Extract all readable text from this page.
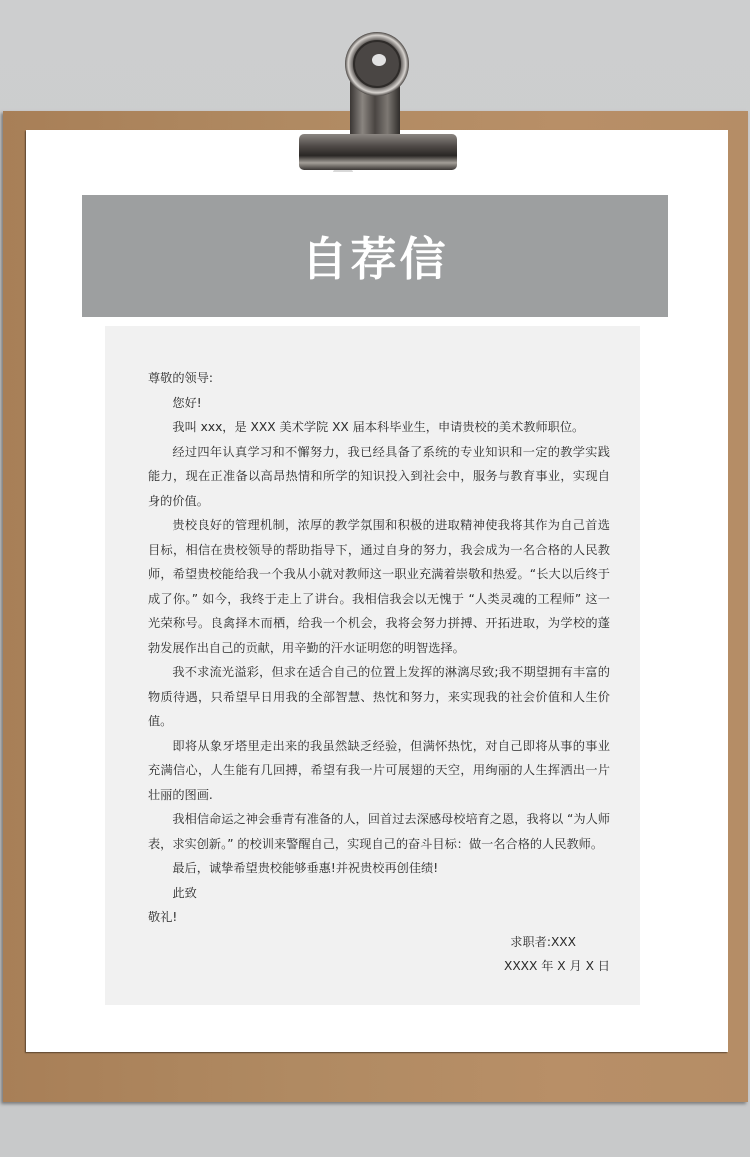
自荐信

尊敬的领导:

您好!

我叫 xxx，是 XXX 美术学院 XX 届本科毕业生，申请贵校的美术教师职位。

经过四年认真学习和不懈努力，我已经具备了系统的专业知识和一定的教学实践能力，现在正准备以高昂热情和所学的知识投入到社会中，服务与教育事业，实现自身的价值。

贵校良好的管理机制，浓厚的教学氛围和积极的进取精神使我将其作为自己首选目标，相信在贵校领导的帮助指导下，通过自身的努力，我会成为一名合格的人民教师，希望贵校能给我一个我从小就对教师这一职业充满着崇敬和热爱。“长大以后终于成了你。” 如今，我终于走上了讲台。我相信我会以无愧于 “人类灵魂的工程师” 这一光荣称号。良禽择木而栖，给我一个机会，我将会努力拼搏、开拓进取，为学校的蓬勃发展作出自己的贡献，用辛勤的汗水证明您的明智选择。

我不求流光溢彩，但求在适合自己的位置上发挥的淋漓尽致;我不期望拥有丰富的物质待遇，只希望早日用我的全部智慧、热忱和努力，来实现我的社会价值和人生价值。

即将从象牙塔里走出来的我虽然缺乏经验，但满怀热忱，对自己即将从事的事业充满信心，人生能有几回搏，希望有我一片可展翅的天空，用绚丽的人生挥洒出一片壮丽的图画.

我相信命运之神会垂青有准备的人，回首过去深感母校培育之恩，我将以 “为人师表，求实创新。” 的校训来警醒自己，实现自己的奋斗目标：做一名合格的人民教师。

最后，诚挚希望贵校能够垂惠!并祝贵校再创佳绩!

此致

敬礼!

求职者:XXX

XXXX 年 X 月 X 日
